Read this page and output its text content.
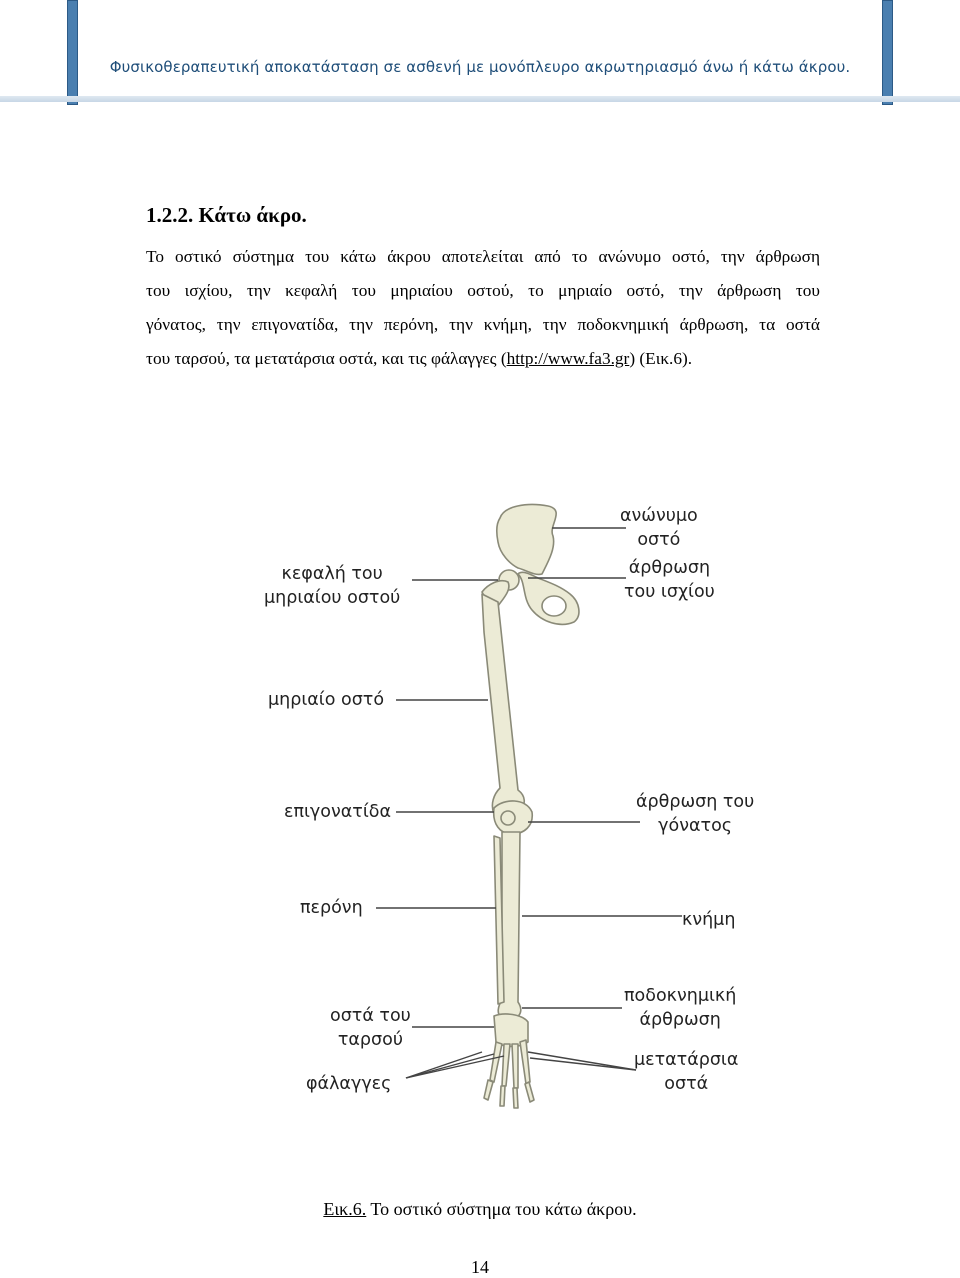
Φυσικοθεραπευτική αποκατάσταση σε ασθενή με μονόπλευρο ακρωτηριασμό άνω ή κάτω άκρου.
1.2.2. Κάτω άκρο.
Το οστικό σύστημα του κάτω άκρου αποτελείται από το ανώνυμο οστό, την άρθρωση
του ισχίου, την κεφαλή του μηριαίου οστού, το μηριαίο οστό, την άρθρωση του
γόνατος, την επιγονατίδα, την περόνη, την κνήμη, την ποδοκνημική άρθρωση, τα οστά
του ταρσού, τα μετατάρσια οστά, και τις φάλαγγες (http://www.fa3.gr) (Εικ.6).
ανώνυμο
οστό
άρθρωση
του ισχίου
κεφαλή του
μηριαίου οστού
μηριαίο οστό
επιγονατίδα	άρθρωση του
γόνατος
περόνη
κνήμη
ποδοκνημική
άρθρωση
οστά του
ταρσού
μετατάρσια
οστά
φάλαγγες
Εικ.6. Το οστικό σύστημα του κάτω άκρου.
14
